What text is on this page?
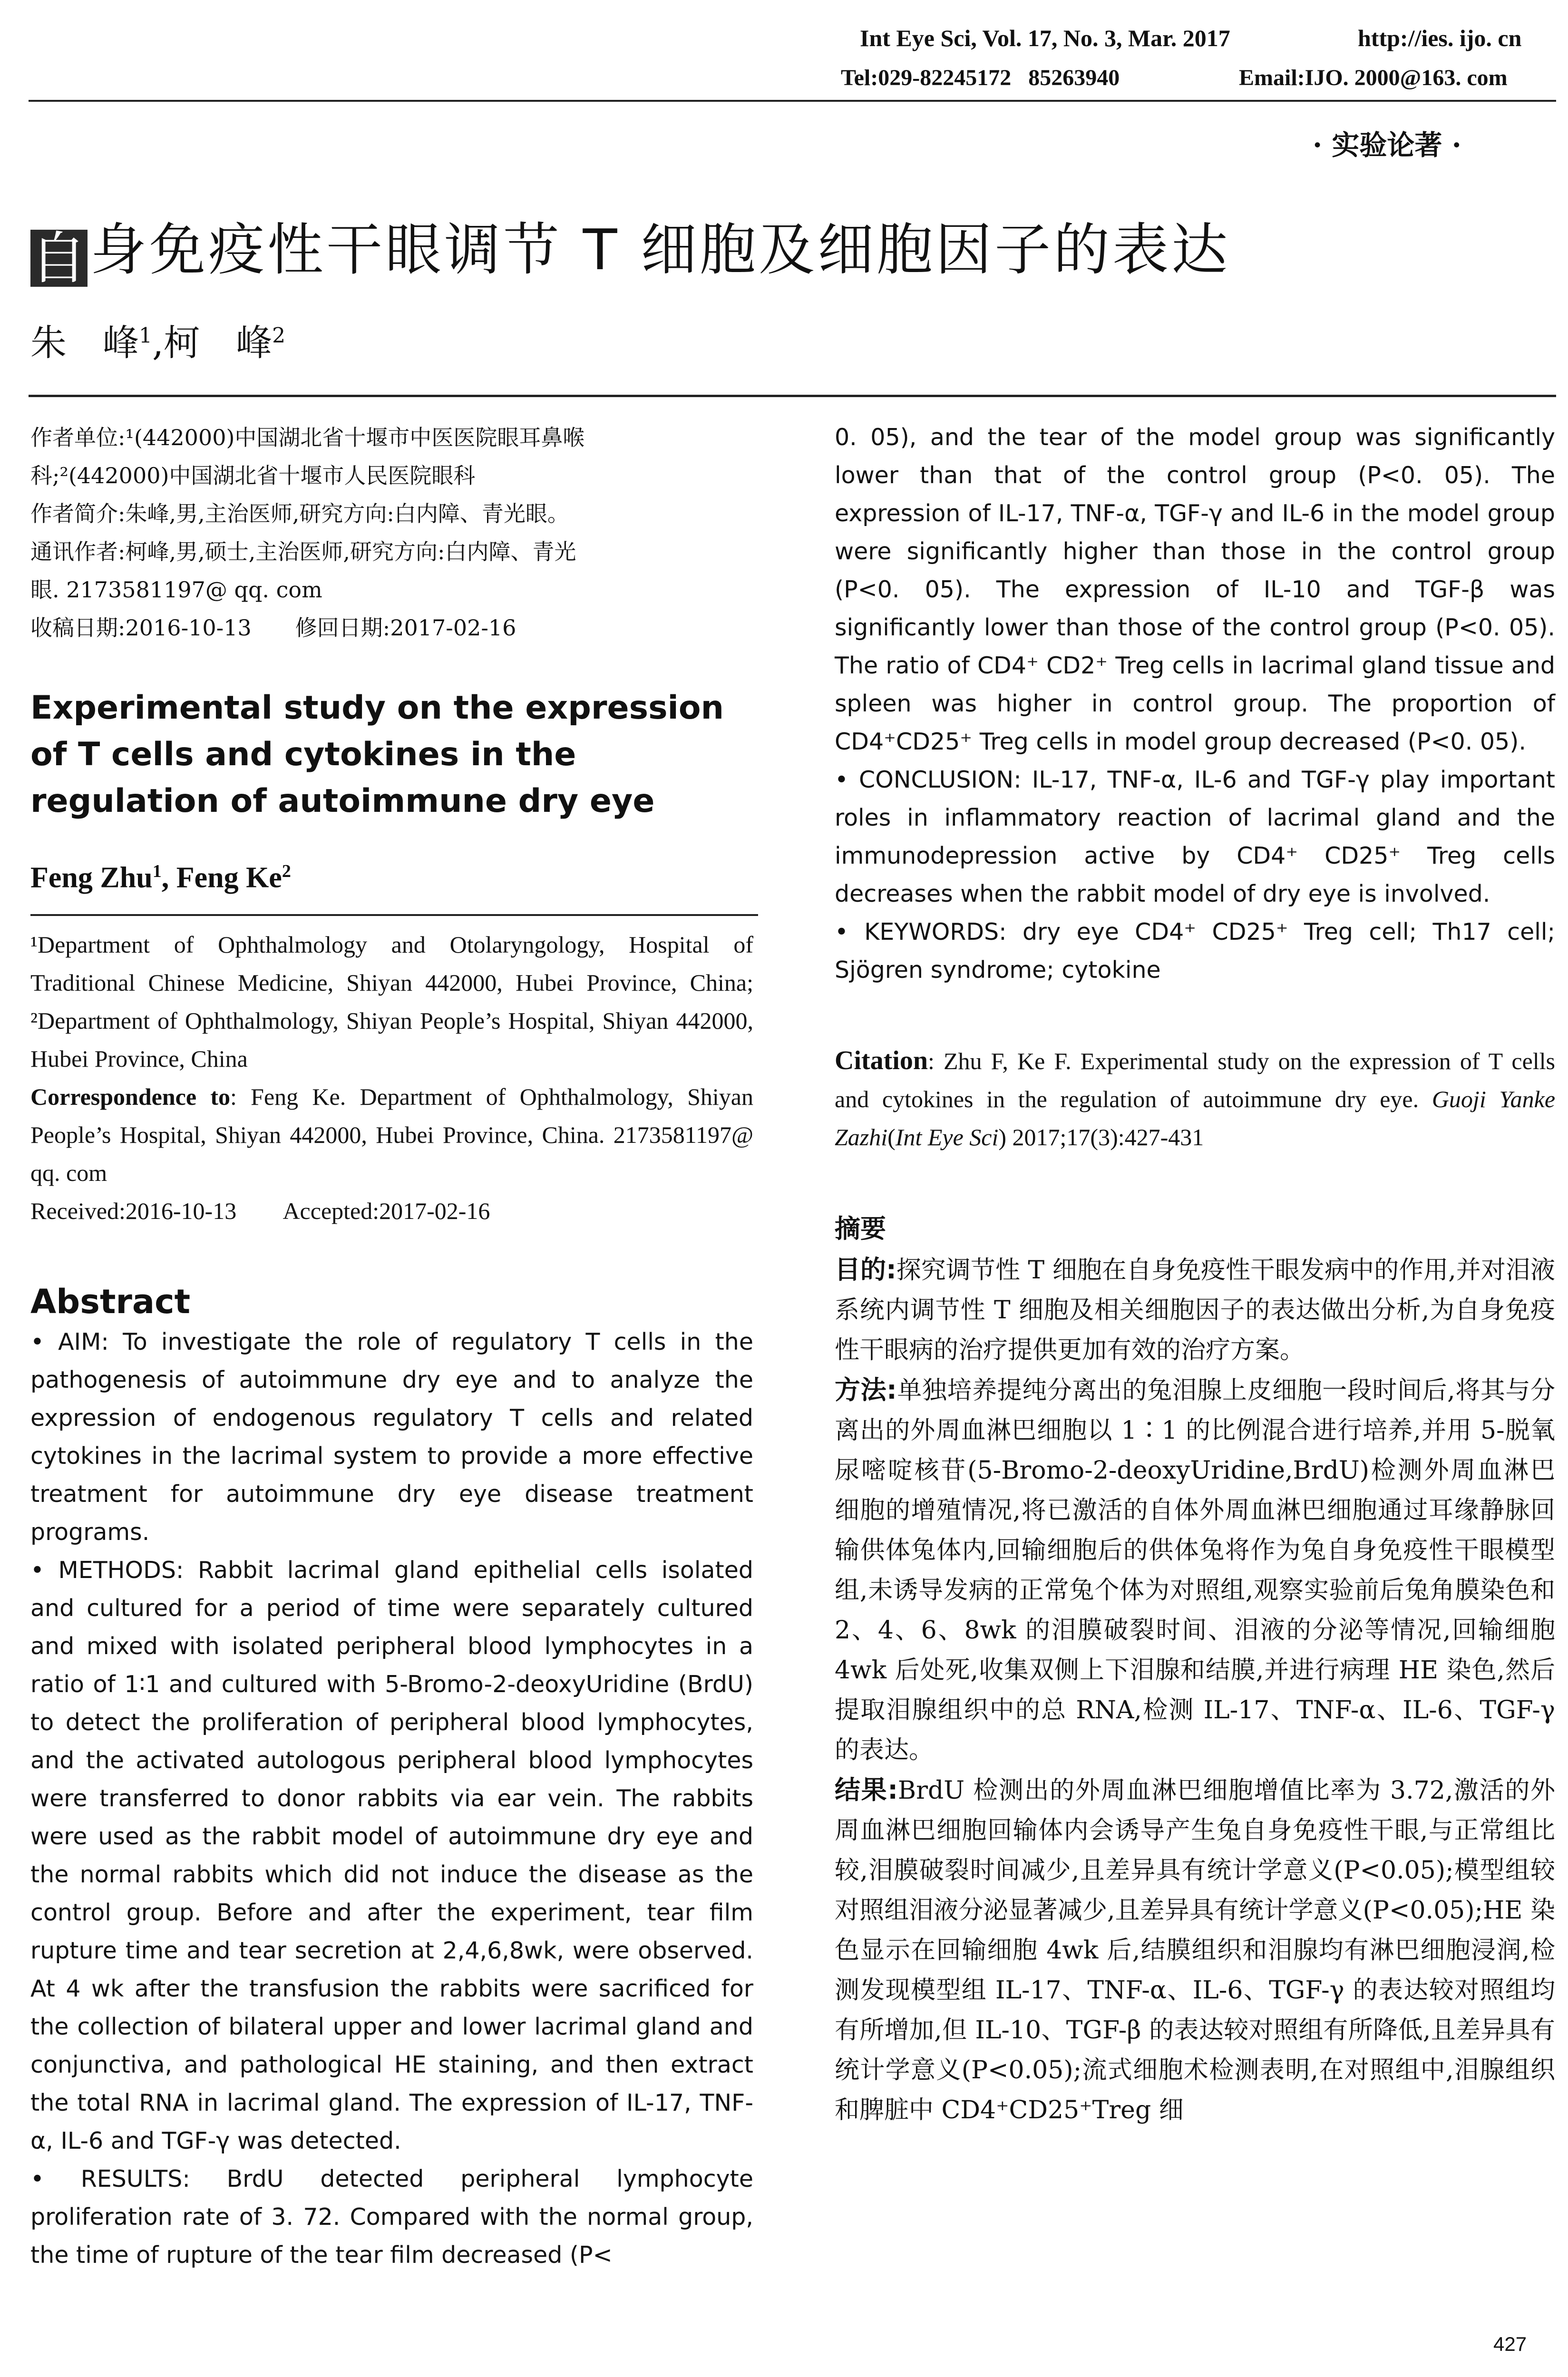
Int Eye Sci, Vol. 17, No. 3, Mar. 2017	http://ies. ijo. cn
Tel:029-82245172   85263940	Email:IJO. 2000@163. com
· 实验论著 ·
自身免疫性干眼调节 T 细胞及细胞因子的表达
朱　峰$^1$,柯　峰$^2$
作者单位:¹(442000)中国湖北省十堰市中医医院眼耳鼻喉
科;²(442000)中国湖北省十堰市人民医院眼科
作者简介:朱峰,男,主治医师,研究方向:白内障、青光眼。
通讯作者:柯峰,男,硕士,主治医师,研究方向:白内障、青光
眼. 2173581197@ qq. com
收稿日期:2016-10-13　　修回日期:2017-02-16
Experimental study on the expression of T cells and cytokines in the regulation of autoimmune dry eye
Feng Zhu$^1$, Feng Ke$^2$

¹Department of Ophthalmology and Otolaryngology, Hospital of Traditional Chinese Medicine, Shiyan 442000, Hubei Province, China; ²Department of Ophthalmology, Shiyan People’s Hospital, Shiyan 442000, Hubei Province, China

Correspondence to: Feng Ke. Department of Ophthalmology, Shiyan People’s Hospital, Shiyan 442000, Hubei Province, China. 2173581197@ qq. com

Received:2016-10-13 Accepted:2017-02-16

Abstract

• AIM: To investigate the role of regulatory T cells in the pathogenesis of autoimmune dry eye and to analyze the expression of endogenous regulatory T cells and related cytokines in the lacrimal system to provide a more effective treatment for autoimmune dry eye disease treatment programs.

• METHODS: Rabbit lacrimal gland epithelial cells isolated and cultured for a period of time were separately cultured and mixed with isolated peripheral blood lymphocytes in a ratio of 1∶1 and cultured with 5-Bromo-2-deoxyUridine (BrdU) to detect the proliferation of peripheral blood lymphocytes, and the activated autologous peripheral blood lymphocytes were transferred to donor rabbits via ear vein. The rabbits were used as the rabbit model of autoimmune dry eye and the normal rabbits which did not induce the disease as the control group. Before and after the experiment, tear film rupture time and tear secretion at 2,4,6,8wk, were observed. At 4 wk after the transfusion the rabbits were sacrificed for the collection of bilateral upper and lower lacrimal gland and conjunctiva, and pathological HE staining, and then extract the total RNA in lacrimal gland. The expression of IL-17, TNF-α, IL-6 and TGF-γ was detected.

• RESULTS: BrdU detected peripheral lymphocyte proliferation rate of 3. 72. Compared with the normal group, the time of rupture of the tear film decreased (P<

0. 05), and the tear of the model group was significantly lower than that of the control group (P<0. 05). The expression of IL-17, TNF-α, TGF-γ and IL-6 in the model group were significantly higher than those in the control group (P<0. 05). The expression of IL-10 and TGF-β was significantly lower than those of the control group (P<0. 05). The ratio of CD4⁺ CD2⁺ Treg cells in lacrimal gland tissue and spleen was higher in control group. The proportion of CD4⁺CD25⁺ Treg cells in model group decreased (P<0. 05).

• CONCLUSION: IL-17, TNF-α, IL-6 and TGF-γ play important roles in inflammatory reaction of lacrimal gland and the immunodepression active by CD4⁺ CD25⁺ Treg cells decreases when the rabbit model of dry eye is involved.

• KEYWORDS: dry eye CD4⁺ CD25⁺ Treg cell; Th17 cell; Sjögren syndrome; cytokine

Citation: Zhu F, Ke F. Experimental study on the expression of T cells and cytokines in the regulation of autoimmune dry eye. Guoji Yanke Zazhi(Int Eye Sci) 2017;17(3):427-431
摘要

目的:探究调节性 T 细胞在自身免疫性干眼发病中的作用,并对泪液系统内调节性 T 细胞及相关细胞因子的表达做出分析,为自身免疫性干眼病的治疗提供更加有效的治疗方案。

方法:单独培养提纯分离出的兔泪腺上皮细胞一段时间后,将其与分离出的外周血淋巴细胞以 1∶1 的比例混合进行培养,并用 5-脱氧尿嘧啶核苷(5-Bromo-2-deoxyUridine,BrdU)检测外周血淋巴细胞的增殖情况,将已激活的自体外周血淋巴细胞通过耳缘静脉回输供体兔体内,回输细胞后的供体兔将作为兔自身免疫性干眼模型组,未诱导发病的正常兔个体为对照组,观察实验前后兔角膜染色和 2、4、6、8wk 的泪膜破裂时间、泪液的分泌等情况,回输细胞 4wk 后处死,收集双侧上下泪腺和结膜,并进行病理 HE 染色,然后提取泪腺组织中的总 RNA,检测 IL-17、TNF-α、IL-6、TGF-γ 的表达。

结果:BrdU 检测出的外周血淋巴细胞增值比率为 3.72,激活的外周血淋巴细胞回输体内会诱导产生兔自身免疫性干眼,与正常组比较,泪膜破裂时间减少,且差异具有统计学意义(P<0.05);模型组较对照组泪液分泌显著减少,且差异具有统计学意义(P<0.05);HE 染色显示在回输细胞 4wk 后,结膜组织和泪腺均有淋巴细胞浸润,检测发现模型组 IL-17、TNF-α、IL-6、TGF-γ 的表达较对照组均有所增加,但 IL-10、TGF-β 的表达较对照组有所降低,且差异具有统计学意义(P<0.05);流式细胞术检测表明,在对照组中,泪腺组织和脾脏中 CD4⁺CD25⁺Treg 细

427
